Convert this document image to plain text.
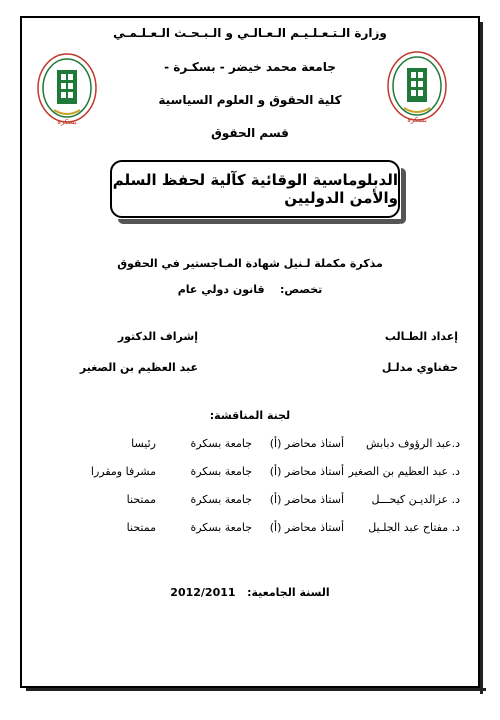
وزارة الـتـعـلـيـم الـعـالـي و الـبـحـث الـعـلـمـي
جامعة محمد خيضر - بسكـرة -
كلية الحقوق و العلوم السياسية
قسم الحقوق
بسكرة	بسكرة
الدبلوماسية الوقائية كآلية لحفظ السلم والأمن الدوليين
مذكرة مكملة لـنيل شهادة المـاجستير في الحقوق
تخصص:    قانون دولي عام
إعداد الطـالب
حفناوي مدلـل
إشراف الدكتور
عبد العظيم بن الصغير
لجنة المناقشة:
د.عبد الرؤوف دبابش
أستاذ محاضر (أ)
جامعة بسكرة
رئيسا
د. عبد العظيم بن الصغير
أستاذ محاضر (أ)
جامعة بسكرة
مشرفا ومقررا
د. عزالديـن كيحـــل
أستاذ محاضر (أ)
جامعة بسكرة
ممتحنا
د. مفتاح عبد الجلـيل
أستاذ محاضر (أ)
جامعة بسكرة
ممتحنا
السنة الجامعية:   2012/2011
